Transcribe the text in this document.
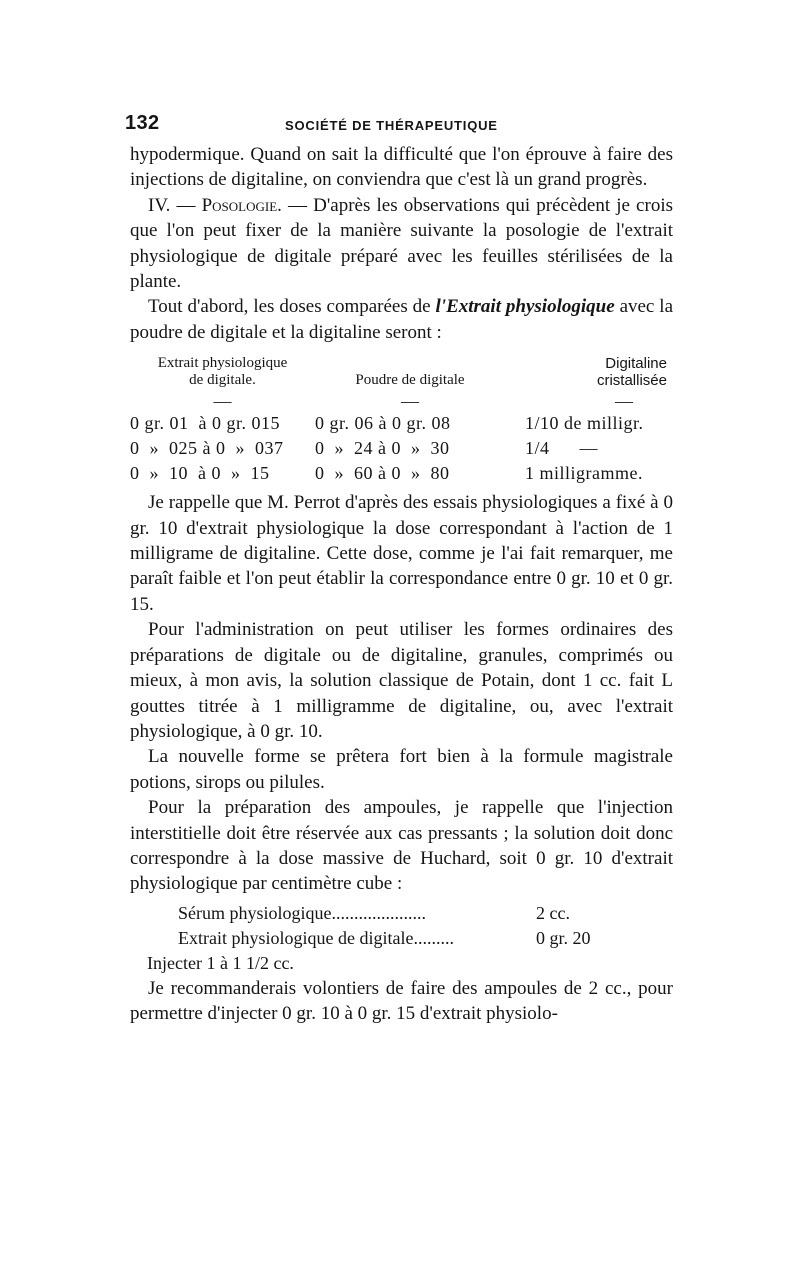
132	SOCIÉTÉ DE THÉRAPEUTIQUE

hypodermique. Quand on sait la difficulté que l'on éprouve à faire des injections de digitaline, on conviendra que c'est là un grand progrès.

IV. — Posologie. — D'après les observations qui précèdent je crois que l'on peut fixer de la manière suivante la posologie de l'extrait physiologique de digitale préparé avec les feuilles stérilisées de la plante.

Tout d'abord, les doses comparées de l'Extrait physiologique avec la poudre de digitale et la digitaline seront :

Extrait physiologique
de digitale.	Poudre de digitale
Digitaline
cristallisée
—	—	—
0 gr. 01  à 0 gr. 015	0 gr. 06 à 0 gr. 08	1/10 de milligr.
0  »  025 à 0  »  037	0  »  24 à 0  »  30	1/4      —
0  »  10  à 0  »  15	0  »  60 à 0  »  80	1 milligramme.

Je rappelle que M. Perrot d'après des essais physiologiques a fixé à 0 gr. 10 d'extrait physiologique la dose correspondant à l'action de 1 milligrame de digitaline. Cette dose, comme je l'ai fait remarquer, me paraît faible et l'on peut établir la correspondance entre 0 gr. 10 et 0 gr. 15.

Pour l'administration on peut utiliser les formes ordinaires des préparations de digitale ou de digitaline, granules, comprimés ou mieux, à mon avis, la solution classique de Potain, dont 1 cc. fait L gouttes titrée à 1 milligramme de digitaline, ou, avec l'extrait physiologique, à 0 gr. 10.

La nouvelle forme se prêtera fort bien à la formule magistrale potions, sirops ou pilules.

Pour la préparation des ampoules, je rappelle que l'injection interstitielle doit être réservée aux cas pressants ; la solution doit donc correspondre à la dose massive de Huchard, soit 0 gr. 10 d'extrait physiologique par centimètre cube :

Sérum physiologique.....................	2 cc.
Extrait physiologique de digitale.........	0 gr. 20
Injecter 1 à 1 1/2 cc.

Je recommanderais volontiers de faire des ampoules de 2 cc., pour permettre d'injecter 0 gr. 10 à 0 gr. 15 d'extrait physiolo-
